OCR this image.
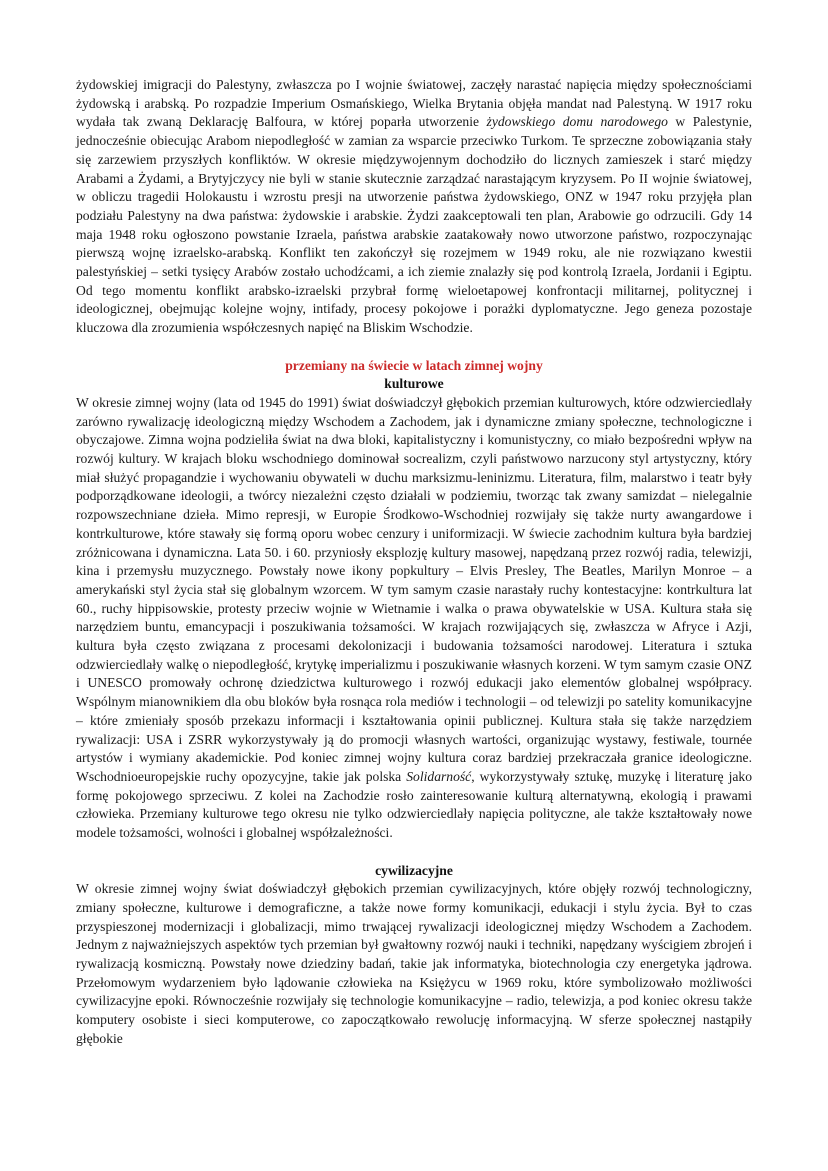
żydowskiej imigracji do Palestyny, zwłaszcza po I wojnie światowej, zaczęły narastać napięcia między społecznościami żydowską i arabską. Po rozpadzie Imperium Osmańskiego, Wielka Brytania objęła mandat nad Palestyną. W 1917 roku wydała tak zwaną Deklarację Balfoura, w której poparła utworzenie żydowskiego domu narodowego w Palestynie, jednocześnie obiecując Arabom niepodległość w zamian za wsparcie przeciwko Turkom. Te sprzeczne zobowiązania stały się zarzewiem przyszłych konfliktów. W okresie międzywojennym dochodziło do licznych zamieszek i starć między Arabami a Żydami, a Brytyjczycy nie byli w stanie skutecznie zarządzać narastającym kryzysem. Po II wojnie światowej, w obliczu tragedii Holokaustu i wzrostu presji na utworzenie państwa żydowskiego, ONZ w 1947 roku przyjęła plan podziału Palestyny na dwa państwa: żydowskie i arabskie. Żydzi zaakceptowali ten plan, Arabowie go odrzucili. Gdy 14 maja 1948 roku ogłoszono powstanie Izraela, państwa arabskie zaatakowały nowo utworzone państwo, rozpoczynając pierwszą wojnę izraelsko-arabską. Konflikt ten zakończył się rozejmem w 1949 roku, ale nie rozwiązano kwestii palestyńskiej – setki tysięcy Arabów zostało uchodźcami, a ich ziemie znalazły się pod kontrolą Izraela, Jordanii i Egiptu. Od tego momentu konflikt arabsko-izraelski przybrał formę wieloetapowej konfrontacji militarnej, politycznej i ideologicznej, obejmując kolejne wojny, intifady, procesy pokojowe i porażki dyplomatyczne. Jego geneza pozostaje kluczowa dla zrozumienia współczesnych napięć na Bliskim Wschodzie.

przemiany na świecie w latach zimnej wojny
kulturowe

W okresie zimnej wojny (lata od 1945 do 1991) świat doświadczył głębokich przemian kulturowych, które odzwierciedlały zarówno rywalizację ideologiczną między Wschodem a Zachodem, jak i dynamiczne zmiany społeczne, technologiczne i obyczajowe. Zimna wojna podzieliła świat na dwa bloki, kapitalistyczny i komunistyczny, co miało bezpośredni wpływ na rozwój kultury. W krajach bloku wschodniego dominował socrealizm, czyli państwowo narzucony styl artystyczny, który miał służyć propagandzie i wychowaniu obywateli w duchu marksizmu-leninizmu. Literatura, film, malarstwo i teatr były podporządkowane ideologii, a twórcy niezależni często działali w podziemiu, tworząc tak zwany samizdat – nielegalnie rozpowszechniane dzieła. Mimo represji, w Europie Środkowo-Wschodniej rozwijały się także nurty awangardowe i kontrkulturowe, które stawały się formą oporu wobec cenzury i uniformizacji. W świecie zachodnim kultura była bardziej zróżnicowana i dynamiczna. Lata 50. i 60. przyniosły eksplozję kultury masowej, napędzaną przez rozwój radia, telewizji, kina i przemysłu muzycznego. Powstały nowe ikony popkultury – Elvis Presley, The Beatles, Marilyn Monroe – a amerykański styl życia stał się globalnym wzorcem. W tym samym czasie narastały ruchy kontestacyjne: kontrkultura lat 60., ruchy hippisowskie, protesty przeciw wojnie w Wietnamie i walka o prawa obywatelskie w USA. Kultura stała się narzędziem buntu, emancypacji i poszukiwania tożsamości. W krajach rozwijających się, zwłaszcza w Afryce i Azji, kultura była często związana z procesami dekolonizacji i budowania tożsamości narodowej. Literatura i sztuka odzwierciedlały walkę o niepodległość, krytykę imperializmu i poszukiwanie własnych korzeni. W tym samym czasie ONZ i UNESCO promowały ochronę dziedzictwa kulturowego i rozwój edukacji jako elementów globalnej współpracy. Wspólnym mianownikiem dla obu bloków była rosnąca rola mediów i technologii – od telewizji po satelity komunikacyjne – które zmieniały sposób przekazu informacji i kształtowania opinii publicznej. Kultura stała się także narzędziem rywalizacji: USA i ZSRR wykorzystywały ją do promocji własnych wartości, organizując wystawy, festiwale, tournée artystów i wymiany akademickie. Pod koniec zimnej wojny kultura coraz bardziej przekraczała granice ideologiczne. Wschodnioeuropejskie ruchy opozycyjne, takie jak polska Solidarność, wykorzystywały sztukę, muzykę i literaturę jako formę pokojowego sprzeciwu. Z kolei na Zachodzie rosło zainteresowanie kulturą alternatywną, ekologią i prawami człowieka. Przemiany kulturowe tego okresu nie tylko odzwierciedlały napięcia polityczne, ale także kształtowały nowe modele tożsamości, wolności i globalnej współzależności.

cywilizacyjne

W okresie zimnej wojny świat doświadczył głębokich przemian cywilizacyjnych, które objęły rozwój technologiczny, zmiany społeczne, kulturowe i demograficzne, a także nowe formy komunikacji, edukacji i stylu życia. Był to czas przyspieszonej modernizacji i globalizacji, mimo trwającej rywalizacji ideologicznej między Wschodem a Zachodem. Jednym z najważniejszych aspektów tych przemian był gwałtowny rozwój nauki i techniki, napędzany wyścigiem zbrojeń i rywalizacją kosmiczną. Powstały nowe dziedziny badań, takie jak informatyka, biotechnologia czy energetyka jądrowa. Przełomowym wydarzeniem było lądowanie człowieka na Księżycu w 1969 roku, które symbolizowało możliwości cywilizacyjne epoki. Równocześnie rozwijały się technologie komunikacyjne – radio, telewizja, a pod koniec okresu także komputery osobiste i sieci komputerowe, co zapoczątkowało rewolucję informacyjną. W sferze społecznej nastąpiły głębokie
